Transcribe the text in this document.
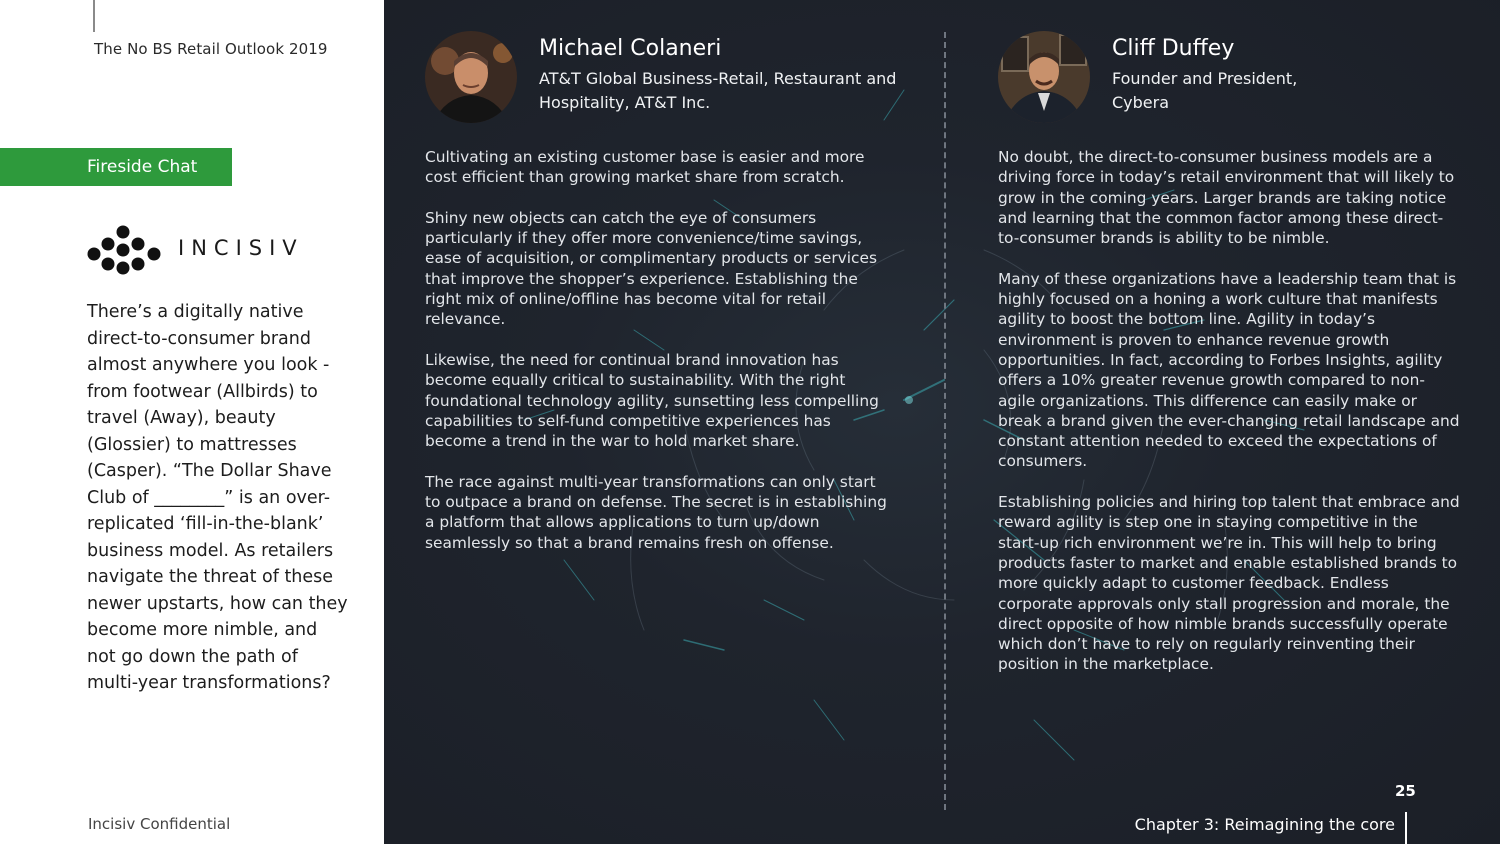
The No BS Retail Outlook 2019
Fireside Chat
INCISIV
There’s a digitally native direct-to-consumer brand almost anywhere you look - from footwear (Allbirds) to travel (Away), beauty (Glossier) to mattresses (Casper). “The Dollar Shave Club of ________” is an over-replicated ‘fill-in-the-blank’ business model. As retailers navigate the threat of these newer upstarts, how can they become more nimble, and not go down the path of multi-year transformations?
Incisiv Confidential
Michael Colaneri
AT&T Global Business-Retail, Restaurant and Hospitality, AT&T Inc.

Cultivating an existing customer base is easier and more cost efficient than growing market share from scratch.

Shiny new objects can catch the eye of consumers particularly if they offer more convenience/time savings, ease of acquisition, or complimentary products or services that improve the shopper’s experience. Establishing the right mix of online/offline has become vital for retail relevance.

Likewise, the need for continual brand innovation has become equally critical to sustainability. With the right foundational technology agility, sunsetting less compelling capabilities to self-fund competitive experiences has become a trend in the war to hold market share.

The race against multi-year transformations can only start to outpace a brand on defense. The secret is in establishing a platform that allows applications to turn up/down seamlessly so that a brand remains fresh on offense.

Cliff Duffey
Founder and President, Cybera

No doubt, the direct-to-consumer business models are a driving force in today’s retail environment that will likely to grow in the coming years. Larger brands are taking notice and learning that the common factor among these direct-to-consumer brands is ability to be nimble.

Many of these organizations have a leadership team that is highly focused on a honing a work culture that manifests agility to boost the bottom line. Agility in today’s environment is proven to enhance revenue growth opportunities. In fact, according to Forbes Insights, agility offers a 10% greater revenue growth compared to non-agile organizations. This difference can easily make or break a brand given the ever-changing retail landscape and constant attention needed to exceed the expectations of consumers.

Establishing policies and hiring top talent that embrace and reward agility is step one in staying competitive in the start-up rich environment we’re in. This will help to bring products faster to market and enable established brands to more quickly adapt to customer feedback. Endless corporate approvals only stall progression and morale, the direct opposite of how nimble brands successfully operate which don’t have to rely on regularly reinventing their position in the marketplace.

25
Chapter 3: Reimagining the core
